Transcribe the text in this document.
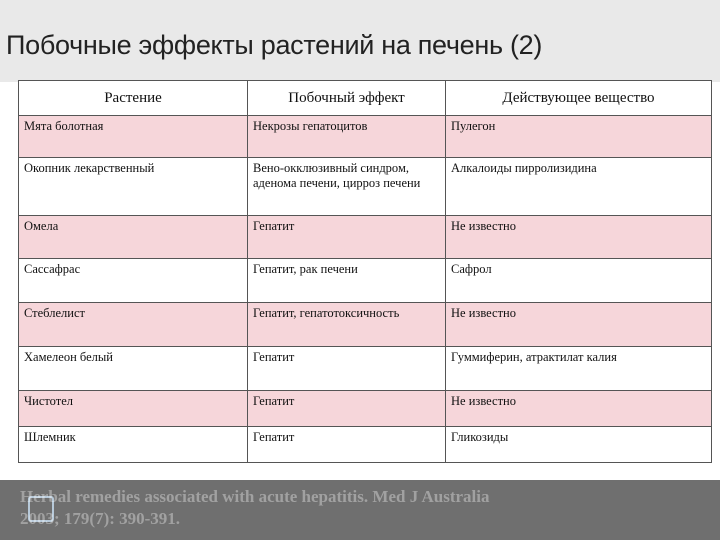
Побочные эффекты растений на печень (2)
Растение	Побочный эффект	Действующее вещество
Мята болотная	Некрозы гепатоцитов	Пулегон
Окопник лекарственный	Вено-окклюзивный синдром, аденома печени, цирроз печени	Алкалоиды пирролизидина
Омела	Гепатит	Не известно
Сассафрас	Гепатит, рак печени	Сафрол
Стеблелист	Гепатит, гепатотоксичность	Не известно
Хамелеон белый	Гепатит	Гуммиферин, атрактилат калия
Чистотел	Гепатит	Не известно
Шлемник	Гепатит	Гликозиды
Herbal remedies associated with acute hepatitis. Med J Australia
2003; 179(7): 390-391.
